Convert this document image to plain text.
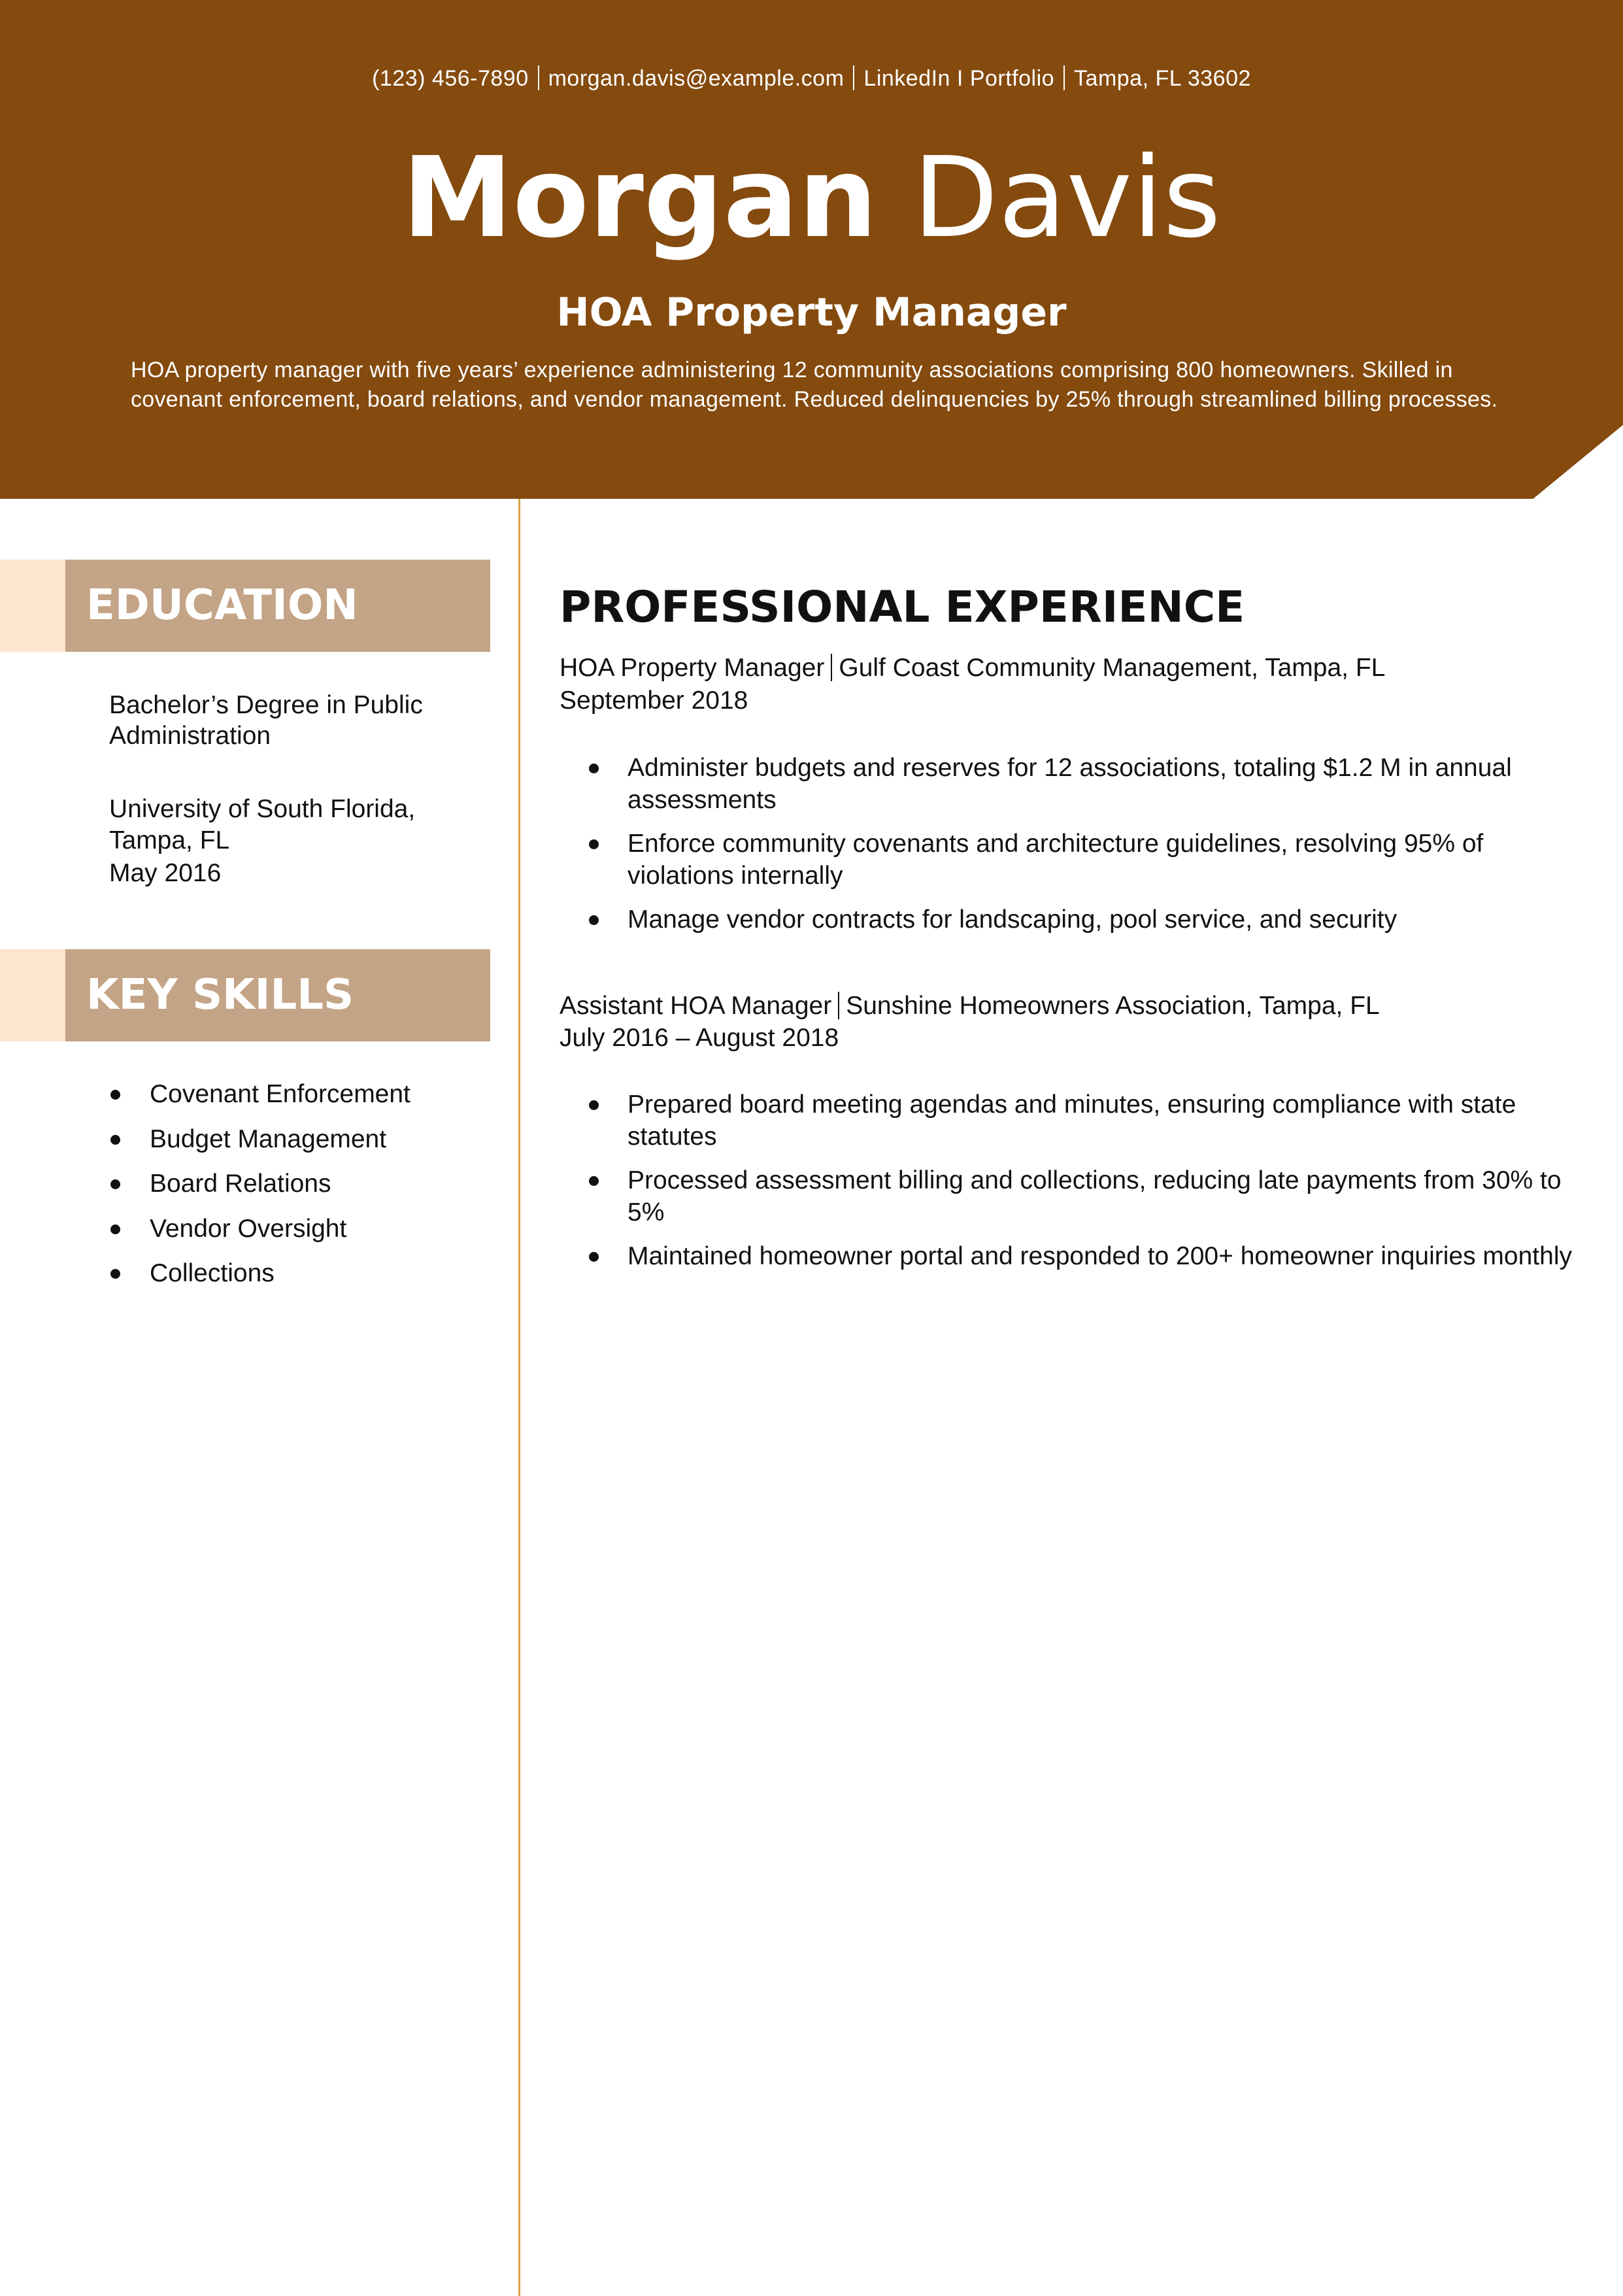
(123) 456-7890 morgan.davis@example.com LinkedIn I Portfolio Tampa, FL 33602
Morgan Davis
HOA Property Manager
HOA property manager with five years’ experience administering 12 community associations comprising 800 homeowners. Skilled in covenant enforcement, board relations, and vendor management. Reduced delinquencies by 25% through streamlined billing processes.
EDUCATION
Bachelor’s Degree in Public Administration
University of South Florida,
Tampa, FL
May 2016
KEY SKILLS
Covenant Enforcement
Budget Management
Board Relations
Vendor Oversight
Collections
PROFESSIONAL EXPERIENCE
HOA Property Manager Gulf Coast Community Management, Tampa, FL
September 2018
Administer budgets and reserves for 12 associations, totaling $1.2 M in annual assessments
Enforce community covenants and architecture guidelines, resolving 95% of violations internally
Manage vendor contracts for landscaping, pool service, and security
Assistant HOA Manager Sunshine Homeowners Association, Tampa, FL
July 2016 – August 2018
Prepared board meeting agendas and minutes, ensuring compliance with state statutes
Processed assessment billing and collections, reducing late payments from 30% to 5%
Maintained homeowner portal and responded to 200+ homeowner inquiries monthly
